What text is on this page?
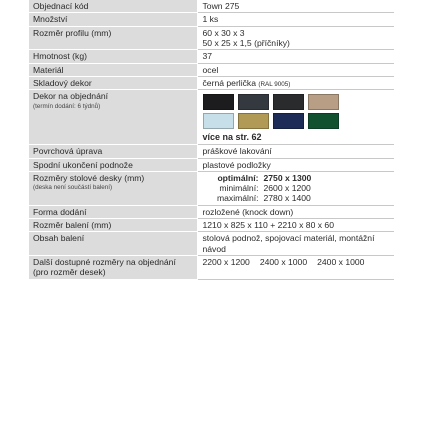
Objednací kód	Town 275
Množství	1 ks
Rozměr profilu (mm)	60 x 30 x 3
50 x 25 x 1,5 (příčníky)

Hmotnost (kg)	37
Materiál	ocel
Skladový dekor	černá perlička (RAL 9005)
Dekor na objednání
(termín dodání: 6 týdnů)	více na str. 62

Povrchová úprava	práškové lakování
Spodní ukončení podnože	plastové podložky
Rozměry stolové desky (mm)
(deska není součástí balení)	optimální: 2750 x 1300
minimální: 2600 x 1200
maximální: 2780 x 1400

Forma dodání	rozložené (knock down)
Rozměr balení (mm)	1210 x 825 x 110 + 2210 x 80 x 60
Obsah balení	stolová podnož, spojovací materiál, montážní návod
Další dostupné rozměry na objednání (pro rozměr desek)	2200 x 1200 2400 x 1000 2400 x 1000
